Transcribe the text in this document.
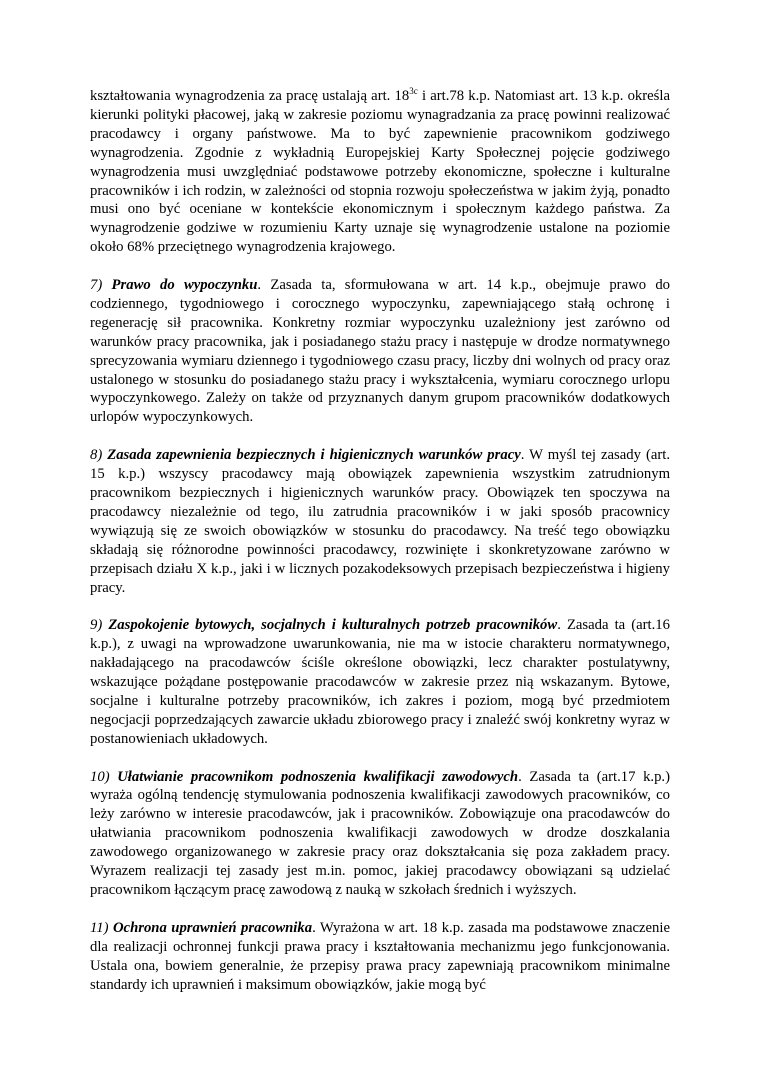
kształtowania wynagrodzenia za pracę ustalają art. $18^{3c}$ i art.78 k.p. Natomiast art. 13 k.p. określa kierunki polityki płacowej, jaką w zakresie poziomu wynagradzania za pracę powinni realizować pracodawcy i organy państwowe. Ma to być zapewnienie pracownikom godziwego wynagrodzenia. Zgodnie z wykładnią Europejskiej Karty Społecznej pojęcie godziwego wynagrodzenia musi uwzględniać podstawowe potrzeby ekonomiczne, społeczne i kulturalne pracowników i ich rodzin, w zależności od stopnia rozwoju społeczeństwa w jakim żyją, ponadto musi ono być oceniane w kontekście ekonomicznym i społecznym każdego państwa. Za wynagrodzenie godziwe w rozumieniu Karty uznaje się wynagrodzenie ustalone na poziomie około 68% przeciętnego wynagrodzenia krajowego.

7) Prawo do wypoczynku. Zasada ta, sformułowana w art. 14 k.p., obejmuje prawo do codziennego, tygodniowego i corocznego wypoczynku, zapewniającego stałą ochronę i regenerację sił pracownika. Konkretny rozmiar wypoczynku uzależniony jest zarówno od warunków pracy pracownika, jak i posiadanego stażu pracy i następuje w drodze normatywnego sprecyzowania wymiaru dziennego i tygodniowego czasu pracy, liczby dni wolnych od pracy oraz ustalonego w stosunku do posiadanego stażu pracy i wykształcenia, wymiaru corocznego urlopu wypoczynkowego. Zależy on także od przyznanych danym grupom pracowników dodatkowych urlopów wypoczynkowych.

8) Zasada zapewnienia bezpiecznych i higienicznych warunków pracy. W myśl tej zasady (art. 15 k.p.) wszyscy pracodawcy mają obowiązek zapewnienia wszystkim zatrudnionym pracownikom bezpiecznych i higienicznych warunków pracy. Obowiązek ten spoczywa na pracodawcy niezależnie od tego, ilu zatrudnia pracowników i w jaki sposób pracownicy wywiązują się ze swoich obowiązków w stosunku do pracodawcy. Na treść tego obowiązku składają się różnorodne powinności pracodawcy, rozwinięte i skonkretyzowane zarówno w przepisach działu X k.p., jaki i w licznych pozakodeksowych przepisach bezpieczeństwa i higieny pracy.

9) Zaspokojenie bytowych, socjalnych i kulturalnych potrzeb pracowników. Zasada ta (art.16 k.p.), z uwagi na wprowadzone uwarunkowania, nie ma w istocie charakteru normatywnego, nakładającego na pracodawców ściśle określone obowiązki, lecz charakter postulatywny, wskazujące pożądane postępowanie pracodawców w zakresie przez nią wskazanym. Bytowe, socjalne i kulturalne potrzeby pracowników, ich zakres i poziom, mogą być przedmiotem negocjacji poprzedzających zawarcie układu zbiorowego pracy i znaleźć swój konkretny wyraz w postanowieniach układowych.

10) Ułatwianie pracownikom podnoszenia kwalifikacji zawodowych. Zasada ta (art.17 k.p.) wyraża ogólną tendencję stymulowania podnoszenia kwalifikacji zawodowych pracowników, co leży zarówno w interesie pracodawców, jak i pracowników. Zobowiązuje ona pracodawców do ułatwiania pracownikom podnoszenia kwalifikacji zawodowych w drodze doszkalania zawodowego organizowanego w zakresie pracy oraz dokształcania się poza zakładem pracy. Wyrazem realizacji tej zasady jest m.in. pomoc, jakiej pracodawcy obowiązani są udzielać pracownikom łączącym pracę zawodową z nauką w szkołach średnich i wyższych.

11) Ochrona uprawnień pracownika. Wyrażona w art. 18 k.p. zasada ma podstawowe znaczenie dla realizacji ochronnej funkcji prawa pracy i kształtowania mechanizmu jego funkcjonowania. Ustala ona, bowiem generalnie, że przepisy prawa pracy zapewniają pracownikom minimalne standardy ich uprawnień i maksimum obowiązków, jakie mogą być
